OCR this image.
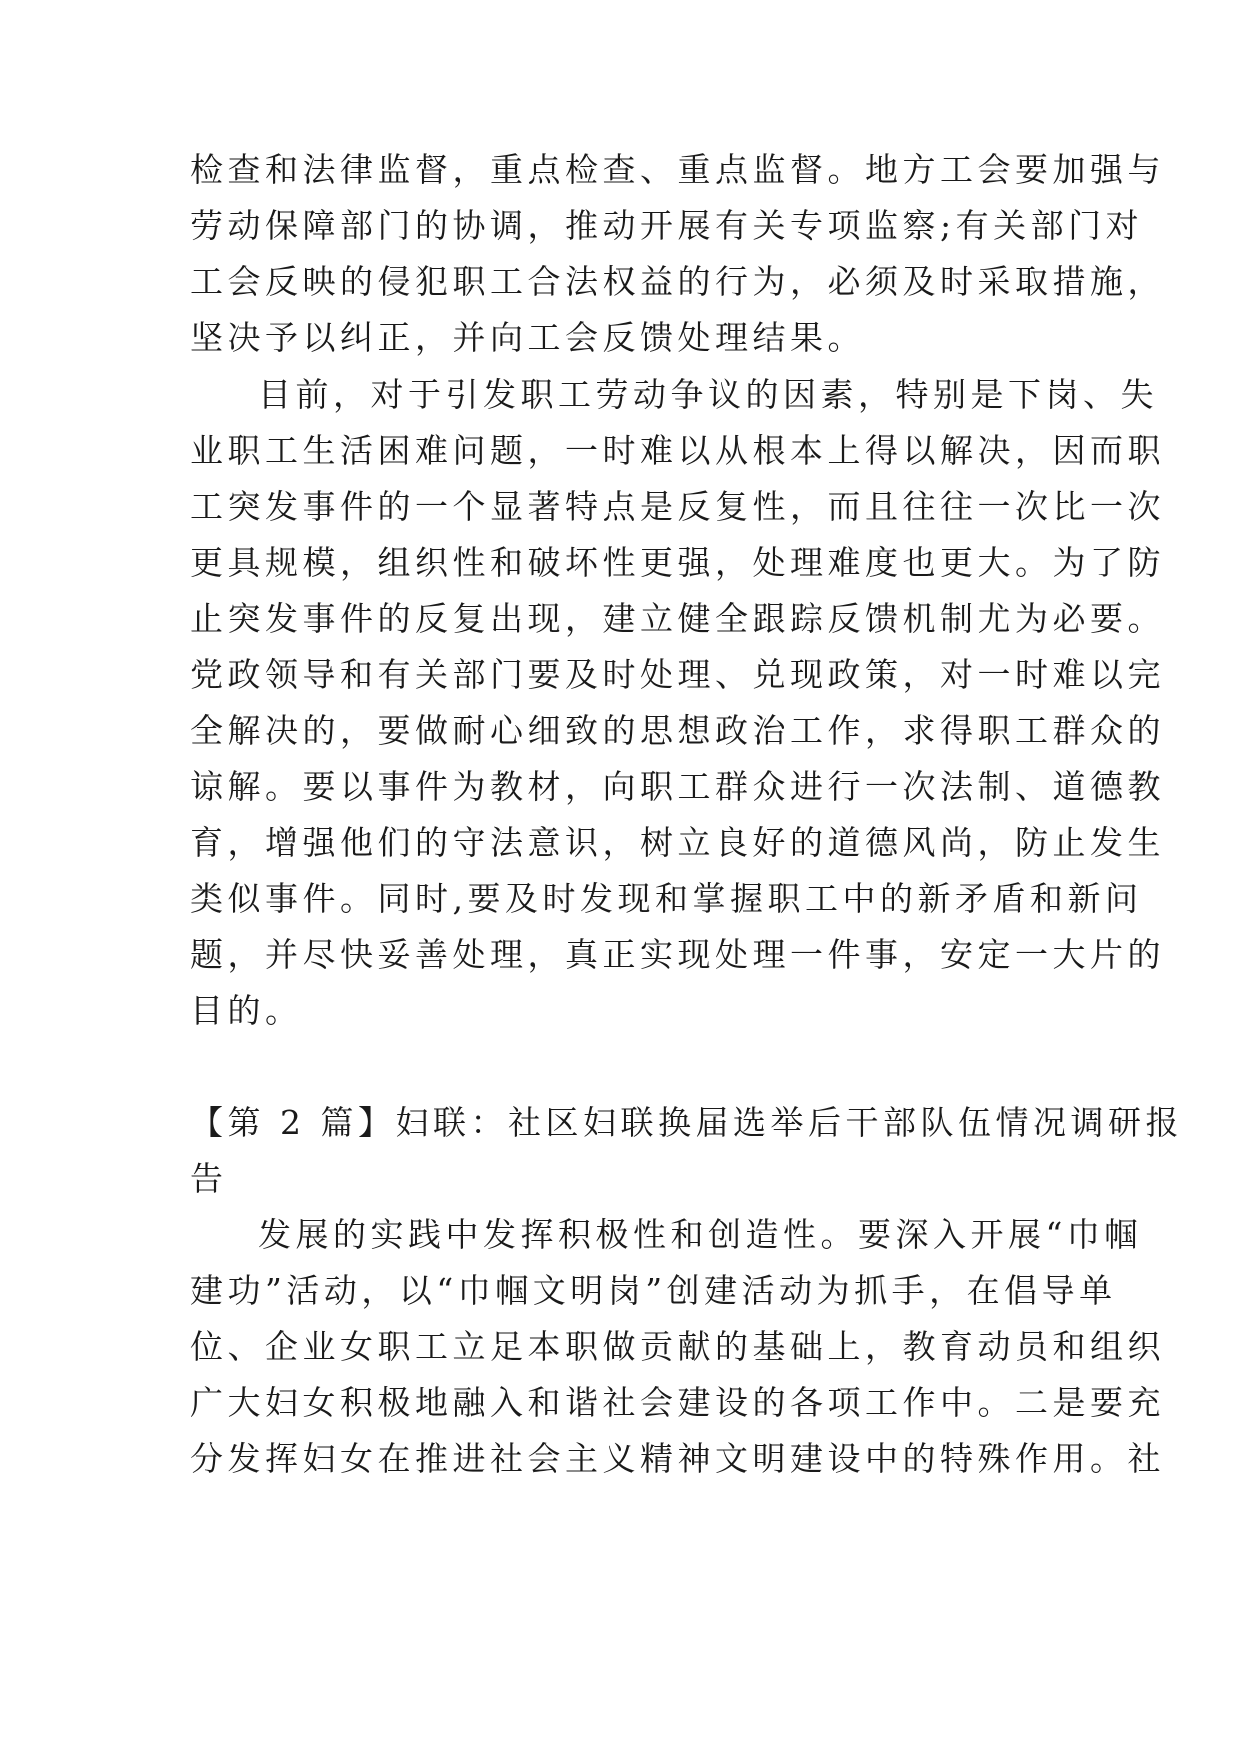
检查和法律监督，重点检查、重点监督。地方工会要加强与
劳动保障部门的协调，推动开展有关专项监察;有关部门对
工会反映的侵犯职工合法权益的行为，必须及时采取措施，
坚决予以纠正，并向工会反馈处理结果。
目前，对于引发职工劳动争议的因素，特别是下岗、失
业职工生活困难问题，一时难以从根本上得以解决，因而职
工突发事件的一个显著特点是反复性，而且往往一次比一次
更具规模，组织性和破坏性更强，处理难度也更大。为了防
止突发事件的反复出现，建立健全跟踪反馈机制尤为必要。
党政领导和有关部门要及时处理、兑现政策，对一时难以完
全解决的，要做耐心细致的思想政治工作，求得职工群众的
谅解。要以事件为教材，向职工群众进行一次法制、道德教
育，增强他们的守法意识，树立良好的道德风尚，防止发生
类似事件。同时,要及时发现和掌握职工中的新矛盾和新问
题，并尽快妥善处理，真正实现处理一件事，安定一大片的
目的。
【第 2 篇】妇联：社区妇联换届选举后干部队伍情况调研报
告
发展的实践中发挥积极性和创造性。要深入开展“巾帼
建功”活动，以“巾帼文明岗”创建活动为抓手，在倡导单
位、企业女职工立足本职做贡献的基础上，教育动员和组织
广大妇女积极地融入和谐社会建设的各项工作中。二是要充
分发挥妇女在推进社会主义精神文明建设中的特殊作用。社
